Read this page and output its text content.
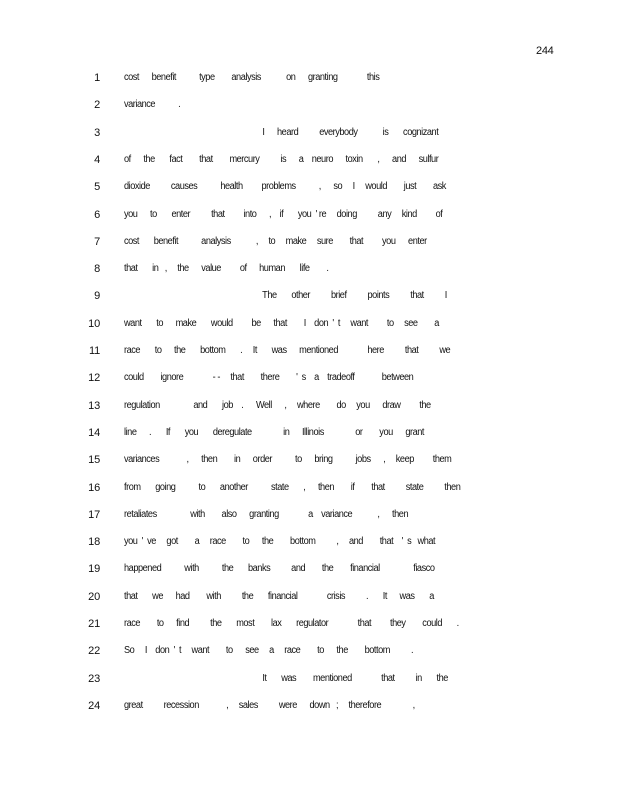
244
1 cost      benefit           type        analysis            on      granting              this
2 variance           .
3 I      heard          everybody            is       cognizant
4 of      the       fact        that        mercury          is      a    neuro      toxin       ,      and      sulfur
5 dioxide          causes           health         problems           ,      so     I     would        just        ask
6 you      to       enter          that         into      ,    if       you  ' re     doing          any     kind         of
7 cost       benefit           analysis            ,     to     make     sure        that         you      enter
8 that       in   ,     the      value         of      human       life        .
9 The       other          brief          points          that          I
10 want       to      make       would         be      that        I    don  '  t     want         to     see        a
11 race       to      the       bottom       .     It       was      mentioned              here          that          we
12 could        ignore              - -     that        there        '  s    a    tradeoff             between
13 regulation                and       job    .      Well      ,     where        do     you      draw         the
14 line      .       If       you       deregulate               in      Illinois               or        you      grant
15 variances             ,      then        in      order           to      bring           jobs      ,     keep         them
16 from       going           to       another           state       ,      then        if        that          state          then
17 retaliates                with        also      granting              a    variance            ,      then
18 you  '  ve     got        a     race        to      the        bottom          ,     and        that    '  s   what
19 happened           with           the       banks          and        the        financial                fiasco
20 that       we      had        with          the       financial              crisis          .       It      was       a
21 race        to      find          the       most        lax       regulator              that         they        could       .
22 So     I    don  '  t     want        to      see     a     race        to      the        bottom          .
23 It       was        mentioned              that          in       the
24 great          recession             ,     sales          were      down   ;     therefore               ,
